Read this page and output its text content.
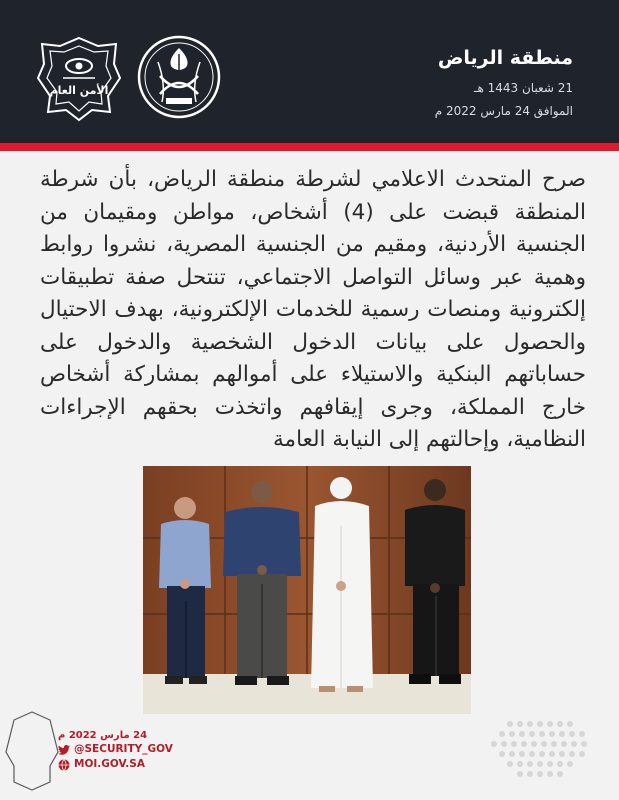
الأمن العام
منطقة الرياض
21 شعبان 1443 هـ
الموافق 24 مارس 2022 م
صرح المتحدث الاعلامي لشرطة منطقة الرياض، بأن شرطة المنطقة قبضت على (4) أشخاص، مواطن ومقيمان من الجنسية الأردنية، ومقيم من الجنسية المصرية، نشروا روابط وهمية عبر وسائل التواصل الاجتماعي، تنتحل صفة تطبيقات إلكترونية ومنصات رسمية للخدمات الإلكترونية، بهدف الاحتيال والحصول على بيانات الدخول الشخصية والدخول على حساباتهم البنكية والاستيلاء على أموالهم بمشاركة أشخاص خارج المملكة، وجرى إيقافهم واتخذت بحقهم الإجراءات النظامية، وإحالتهم إلى النيابة العامة
24 مارس 2022 م
@SECURITY_GOV
MOI.GOV.SA
